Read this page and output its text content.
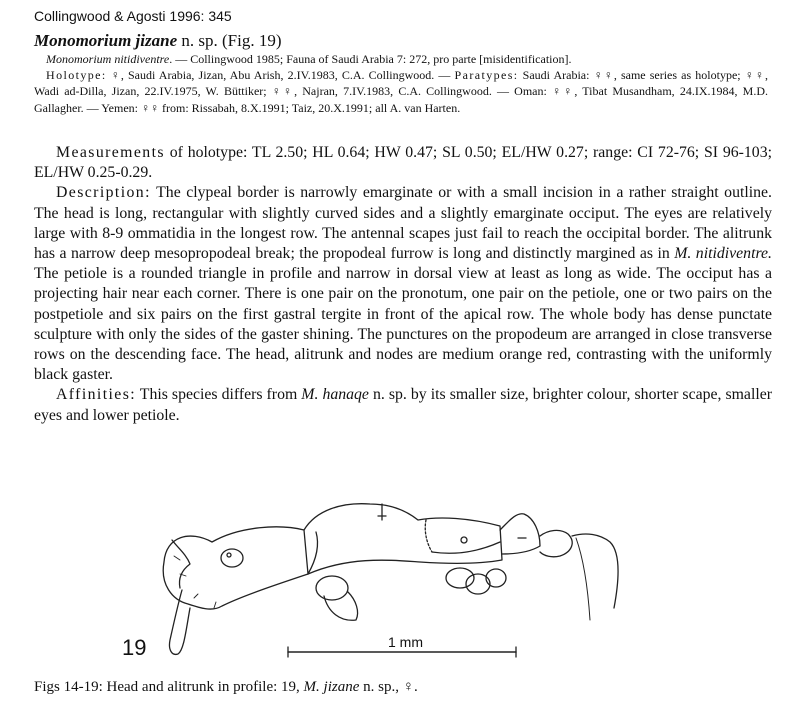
Collingwood & Agosti 1996: 345
Monomorium jizane n. sp. (Fig. 19)

Monomorium nitidiventre. — Collingwood 1985; Fauna of Saudi Arabia 7: 272, pro parte [misidentification].

Holotype: ♀, Saudi Arabia, Jizan, Abu Arish, 2.IV.1983, C.A. Collingwood. — Paratypes: Saudi Arabia: ♀♀, same series as holotype; ♀♀, Wadi ad-Dilla, Jizan, 22.IV.1975, W. Büttiker; ♀♀, Najran, 7.IV.1983, C.A. Collingwood. — Oman: ♀♀, Tibat Musandham, 24.IX.1984, M.D. Gallagher. — Yemen: ♀♀ from: Rissabah, 8.X.1991; Taiz, 20.X.1991; all A. van Harten.

Measurements of holotype: TL 2.50; HL 0.64; HW 0.47; SL 0.50; EL/HW 0.27; range: CI 72-76; SI 96-103; EL/HW 0.25-0.29.

Description: The clypeal border is narrowly emarginate or with a small incision in a rather straight outline. The head is long, rectangular with slightly curved sides and a slightly emarginate occiput. The eyes are relatively large with 8-9 ommatidia in the longest row. The antennal scapes just fail to reach the occipital border. The alitrunk has a narrow deep mesopropodeal break; the propodeal furrow is long and distinctly margined as in M. nitidiventre. The petiole is a rounded triangle in profile and narrow in dorsal view at least as long as wide. The occiput has a projecting hair near each corner. There is one pair on the pronotum, one pair on the petiole, one or two pairs on the postpetiole and six pairs on the first gastral tergite in front of the apical row. The whole body has dense punctate sculpture with only the sides of the gaster shining. The punctures on the propodeum are arranged in close transverse rows on the descending face. The head, alitrunk and nodes are medium orange red, contrasting with the uniformly black gaster.

Affinities: This species differs from M. hanaqe n. sp. by its smaller size, brighter colour, shorter scape, smaller eyes and lower petiole.

19	1 mm
Figs 14-19: Head and alitrunk in profile: 19, M. jizane n. sp., ♀.
